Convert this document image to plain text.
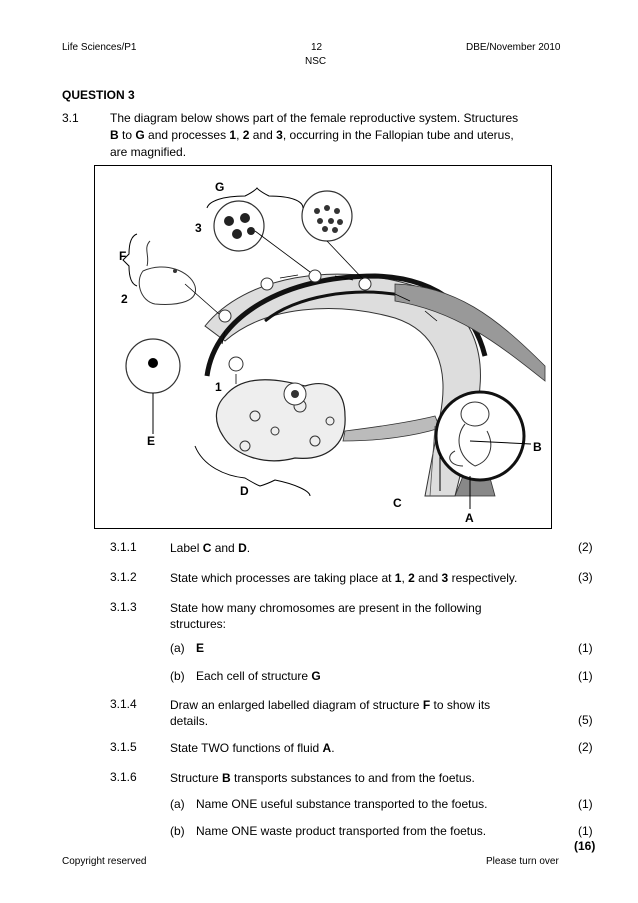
Life Sciences/P1	12
NSC
DBE/November 2010
QUESTION 3
3.1	The diagram below shows part of the female reproductive system. Structures
B to G and processes 1, 2 and 3, occurring in the Fallopian tube and uterus,
are magnified.
G
3
F
2
1
E
D
C
B
A
3.1.1	Label C and D.	(2)
3.1.2	State which processes are taking place at 1, 2 and 3 respectively.	(3)
3.1.3	State how many chromosomes are present in the following
structures:
(a) E	(1)
(b) Each cell of structure G	(1)
3.1.4	Draw an enlarged labelled diagram of structure F to show its
details.	(5)
3.1.5	State TWO functions of fluid A.	(2)
3.1.6	Structure B transports substances to and from the foetus.
(a) Name ONE useful substance transported to the foetus.	(1)
(b) Name ONE waste product transported from the foetus.	(1)
(16)
Copyright reserved	Please turn over
